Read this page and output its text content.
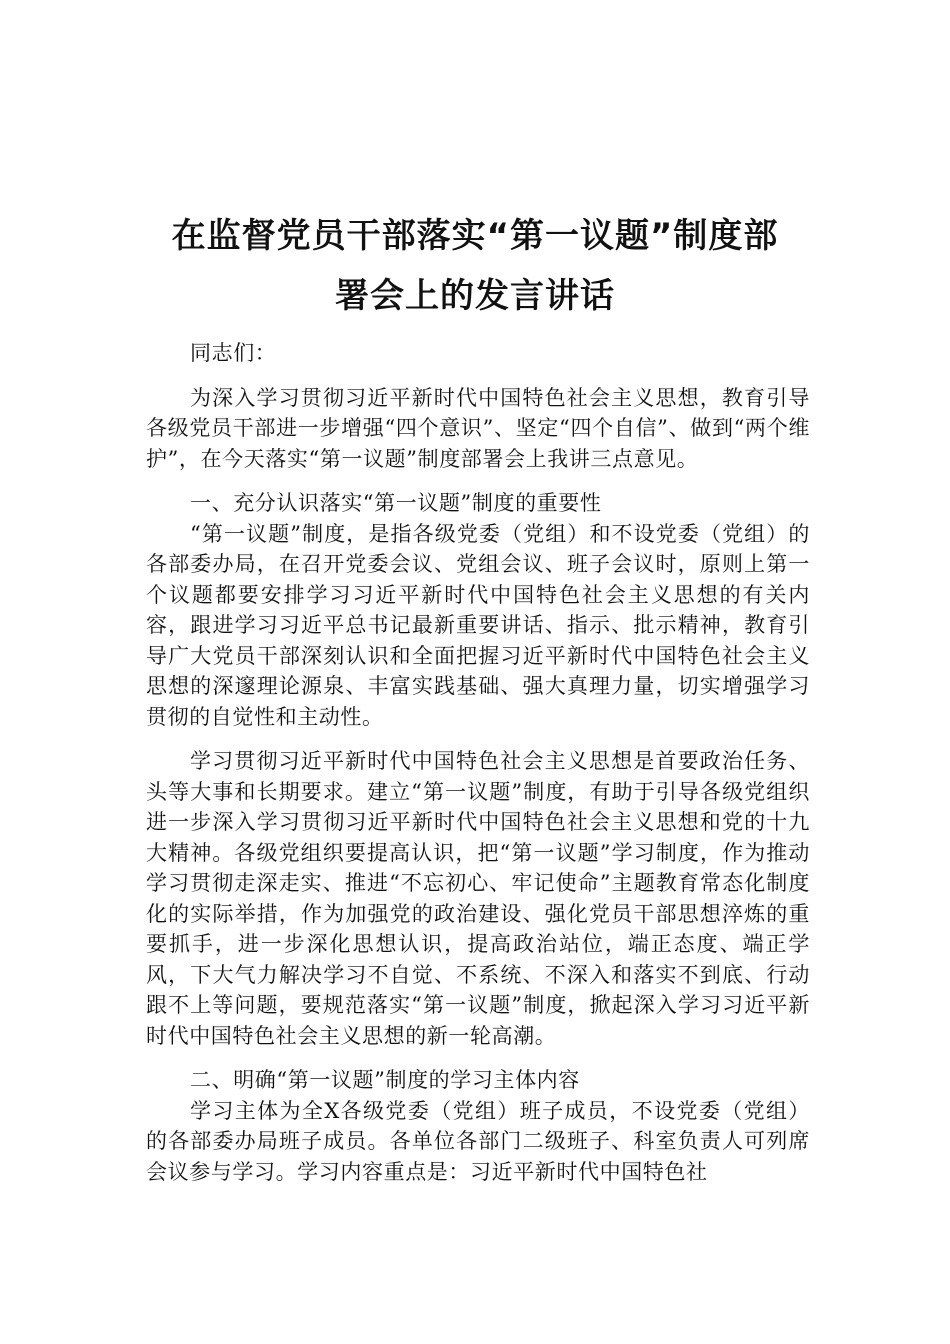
在监督党员干部落实“第一议题”制度部
署会上的发言讲话

同志们：

为深入学习贯彻习近平新时代中国特色社会主义思想，教育引导各级党员干部进一步增强“四个意识”、坚定“四个自信”、做到“两个维护”，在今天落实“第一议题”制度部署会上我讲三点意见。

一、充分认识落实“第一议题”制度的重要性

“第一议题”制度，是指各级党委（党组）和不设党委（党组）的各部委办局，在召开党委会议、党组会议、班子会议时，原则上第一个议题都要安排学习习近平新时代中国特色社会主义思想的有关内容，跟进学习习近平总书记最新重要讲话、指示、批示精神，教育引导广大党员干部深刻认识和全面把握习近平新时代中国特色社会主义思想的深邃理论源泉、丰富实践基础、强大真理力量，切实增强学习贯彻的自觉性和主动性。

学习贯彻习近平新时代中国特色社会主义思想是首要政治任务、头等大事和长期要求。建立“第一议题”制度，有助于引导各级党组织进一步深入学习贯彻习近平新时代中国特色社会主义思想和党的十九大精神。各级党组织要提高认识，把“第一议题”学习制度，作为推动学习贯彻走深走实、推进“不忘初心、牢记使命”主题教育常态化制度化的实际举措，作为加强党的政治建设、强化党员干部思想淬炼的重要抓手，进一步深化思想认识，提高政治站位，端正态度、端正学风，下大气力解决学习不自觉、不系统、不深入和落实不到底、行动跟不上等问题，要规范落实“第一议题”制度，掀起深入学习习近平新时代中国特色社会主义思想的新一轮高潮。

二、明确“第一议题”制度的学习主体内容

学习主体为全X各级党委（党组）班子成员，不设党委（党组）的各部委办局班子成员。各单位各部门二级班子、科室负责人可列席会议参与学习。学习内容重点是：习近平新时代中国特色社
